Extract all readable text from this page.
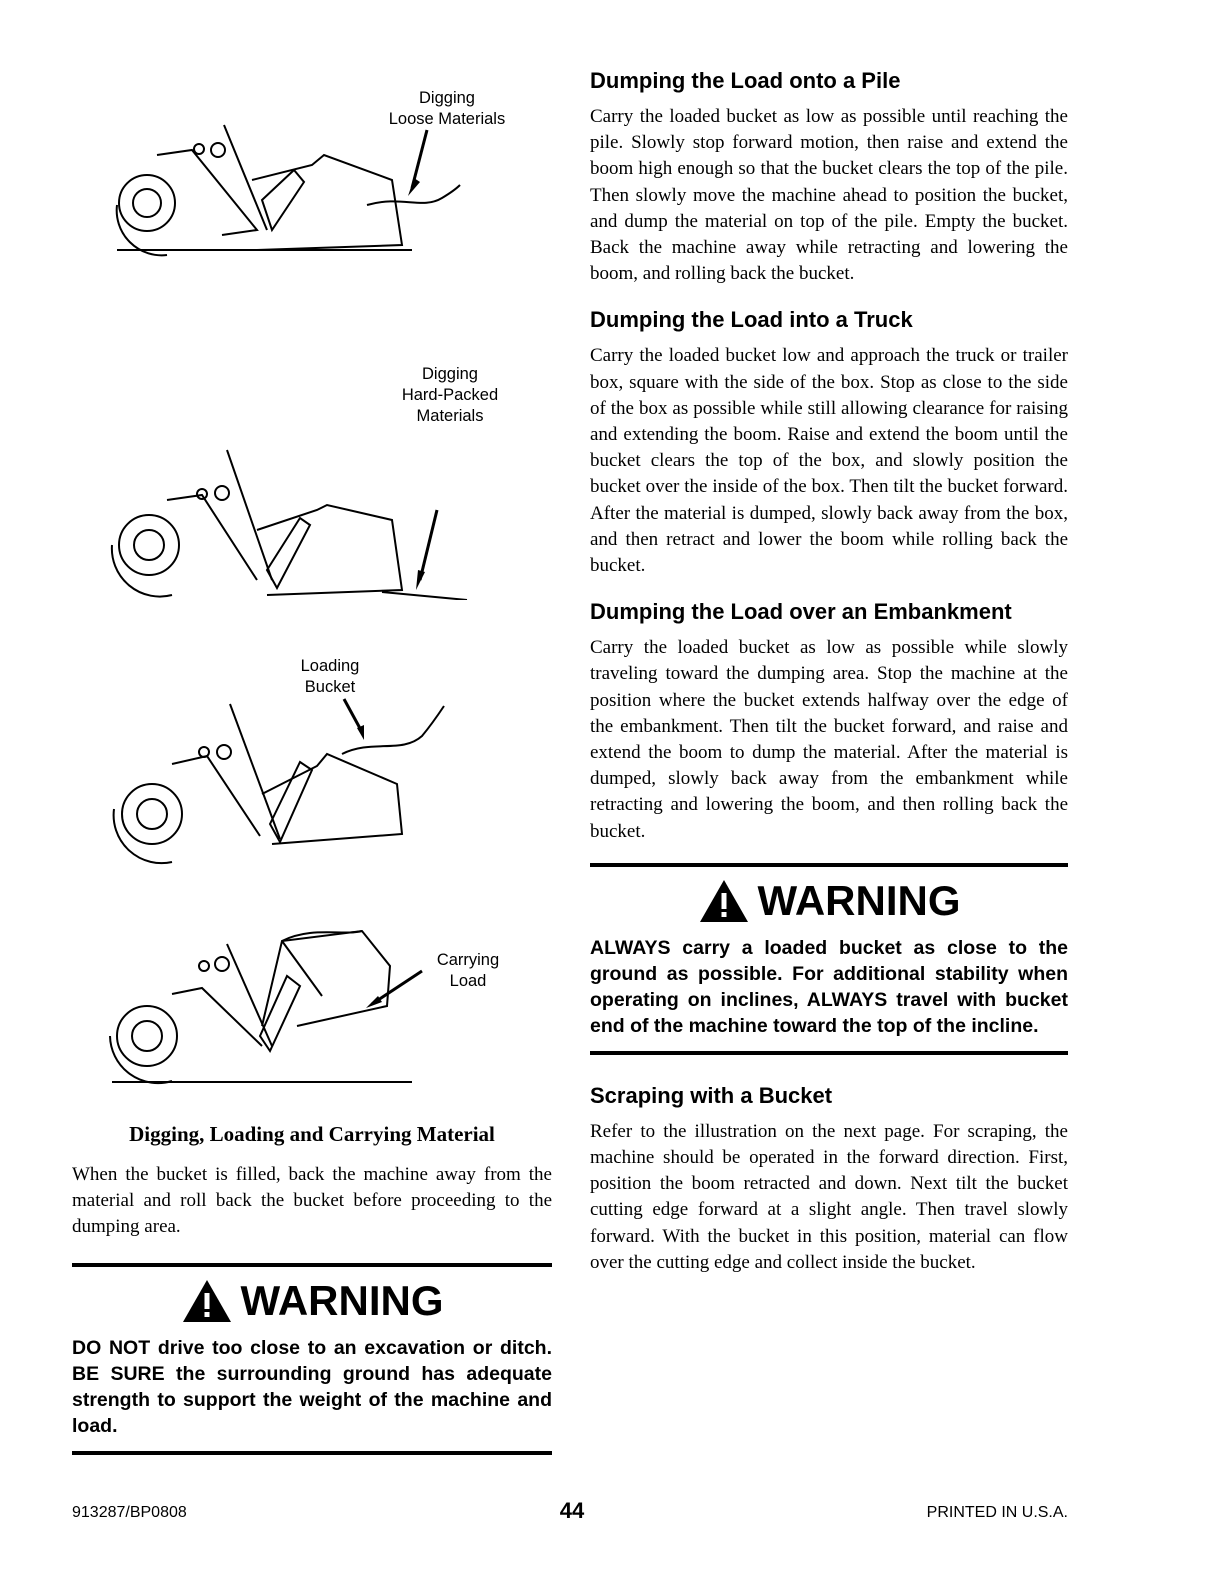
Digging
Loose Materials
Digging
Hard-Packed
Materials
Loading
Bucket
Carrying
Load
Digging, Loading and Carrying Material

When the bucket is filled, back the machine away from the material and roll back the bucket before proceeding to the dumping area.

WARNING

DO NOT drive too close to an excavation or ditch. BE SURE the surrounding ground has adequate strength to support the weight of the machine and load.

Dumping the Load onto a Pile

Carry the loaded bucket as low as possible until reaching the pile. Slowly stop forward motion, then raise and extend the boom high enough so that the bucket clears the top of the pile. Then slowly move the machine ahead to position the bucket, and dump the material on top of the pile. Empty the bucket. Back the machine away while retracting and lowering the boom, and rolling back the bucket.

Dumping the Load into a Truck

Carry the loaded bucket low and approach the truck or trailer box, square with the side of the box. Stop as close to the side of the box as possible while still allowing clearance for raising and extending the boom. Raise and extend the boom until the bucket clears the top of the box, and slowly position the bucket over the inside of the box. Then tilt the bucket forward. After the material is dumped, slowly back away from the box, and then retract and lower the boom while rolling back the bucket.

Dumping the Load over an Embankment

Carry the loaded bucket as low as possible while slowly traveling toward the dumping area. Stop the machine at the position where the bucket extends halfway over the edge of the embankment. Then tilt the bucket forward, and raise and extend the boom to dump the material. After the material is dumped, slowly back away from the embankment while retracting and lowering the boom, and then rolling back the bucket.

WARNING

ALWAYS carry a loaded bucket as close to the ground as possible. For additional stability when operating on inclines, ALWAYS travel with bucket end of the machine toward the top of the incline.

Scraping with a Bucket

Refer to the illustration on the next page. For scraping, the machine should be operated in the forward direction. First, position the boom retracted and down. Next tilt the bucket cutting edge forward at a slight angle. Then travel slowly forward. With the bucket in this position, material can flow over the cutting edge and collect inside the bucket.

913287/BP0808	44	PRINTED IN U.S.A.
